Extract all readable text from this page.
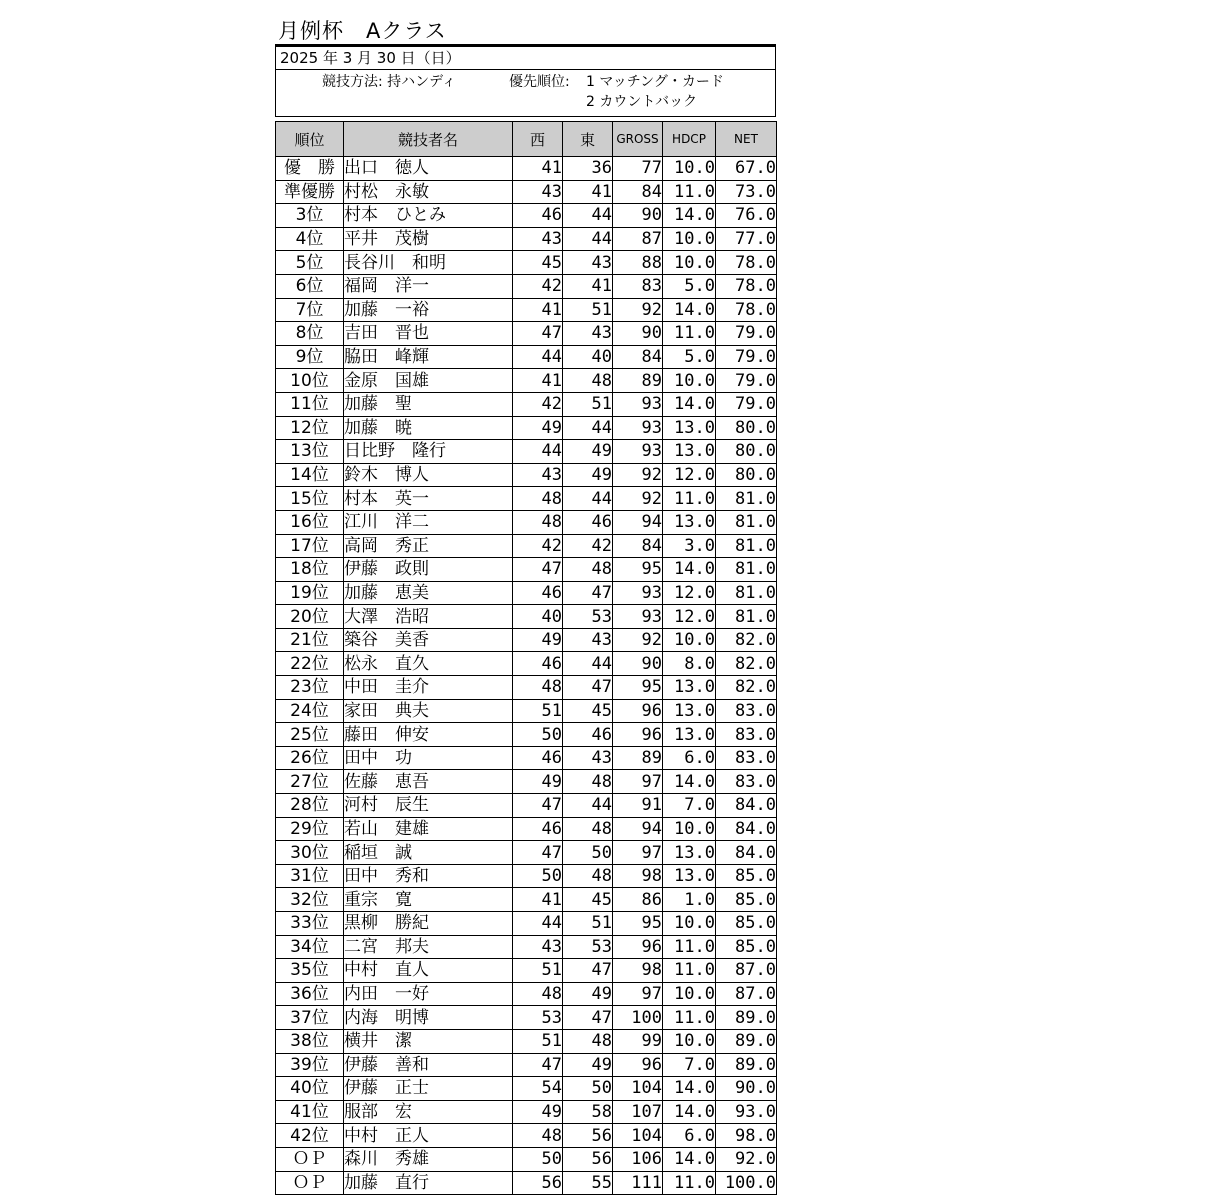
月例杯　Aクラス
2025 年 3 月 30 日（日）
競技方法: 持ハンディ	優先順位: 1 マッチング・カード
2 カウントバック
順位	競技者名	西	東	GROSS	HDCP	NET
優　勝	出口　徳人	41	36	77	10.0	67.0
準優勝	村松　永敏	43	41	84	11.0	73.0
3位	村本　ひとみ	46	44	90	14.0	76.0
4位	平井　茂樹	43	44	87	10.0	77.0
5位	長谷川　和明	45	43	88	10.0	78.0
6位	福岡　洋一	42	41	83	5.0	78.0
7位	加藤　一裕	41	51	92	14.0	78.0
8位	吉田　晋也	47	43	90	11.0	79.0
9位	脇田　峰輝	44	40	84	5.0	79.0
10位	金原　国雄	41	48	89	10.0	79.0
11位	加藤　聖	42	51	93	14.0	79.0
12位	加藤　暁	49	44	93	13.0	80.0
13位	日比野　隆行	44	49	93	13.0	80.0
14位	鈴木　博人	43	49	92	12.0	80.0
15位	村本　英一	48	44	92	11.0	81.0
16位	江川　洋二	48	46	94	13.0	81.0
17位	高岡　秀正	42	42	84	3.0	81.0
18位	伊藤　政則	47	48	95	14.0	81.0
19位	加藤　恵美	46	47	93	12.0	81.0
20位	大澤　浩昭	40	53	93	12.0	81.0
21位	築谷　美香	49	43	92	10.0	82.0
22位	松永　直久	46	44	90	8.0	82.0
23位	中田　圭介	48	47	95	13.0	82.0
24位	家田　典夫	51	45	96	13.0	83.0
25位	藤田　伸安	50	46	96	13.0	83.0
26位	田中　功	46	43	89	6.0	83.0
27位	佐藤　恵吾	49	48	97	14.0	83.0
28位	河村　辰生	47	44	91	7.0	84.0
29位	若山　建雄	46	48	94	10.0	84.0
30位	稲垣　誠	47	50	97	13.0	84.0
31位	田中　秀和	50	48	98	13.0	85.0
32位	重宗　寛	41	45	86	1.0	85.0
33位	黒柳　勝紀	44	51	95	10.0	85.0
34位	二宮　邦夫	43	53	96	11.0	85.0
35位	中村　直人	51	47	98	11.0	87.0
36位	内田　一好	48	49	97	10.0	87.0
37位	内海　明博	53	47	100	11.0	89.0
38位	横井　潔	51	48	99	10.0	89.0
39位	伊藤　善和	47	49	96	7.0	89.0
40位	伊藤　正士	54	50	104	14.0	90.0
41位	服部　宏	49	58	107	14.0	93.0
42位	中村　正人	48	56	104	6.0	98.0
ＯＰ	森川　秀雄	50	56	106	14.0	92.0
ＯＰ	加藤　直行	56	55	111	11.0	100.0
